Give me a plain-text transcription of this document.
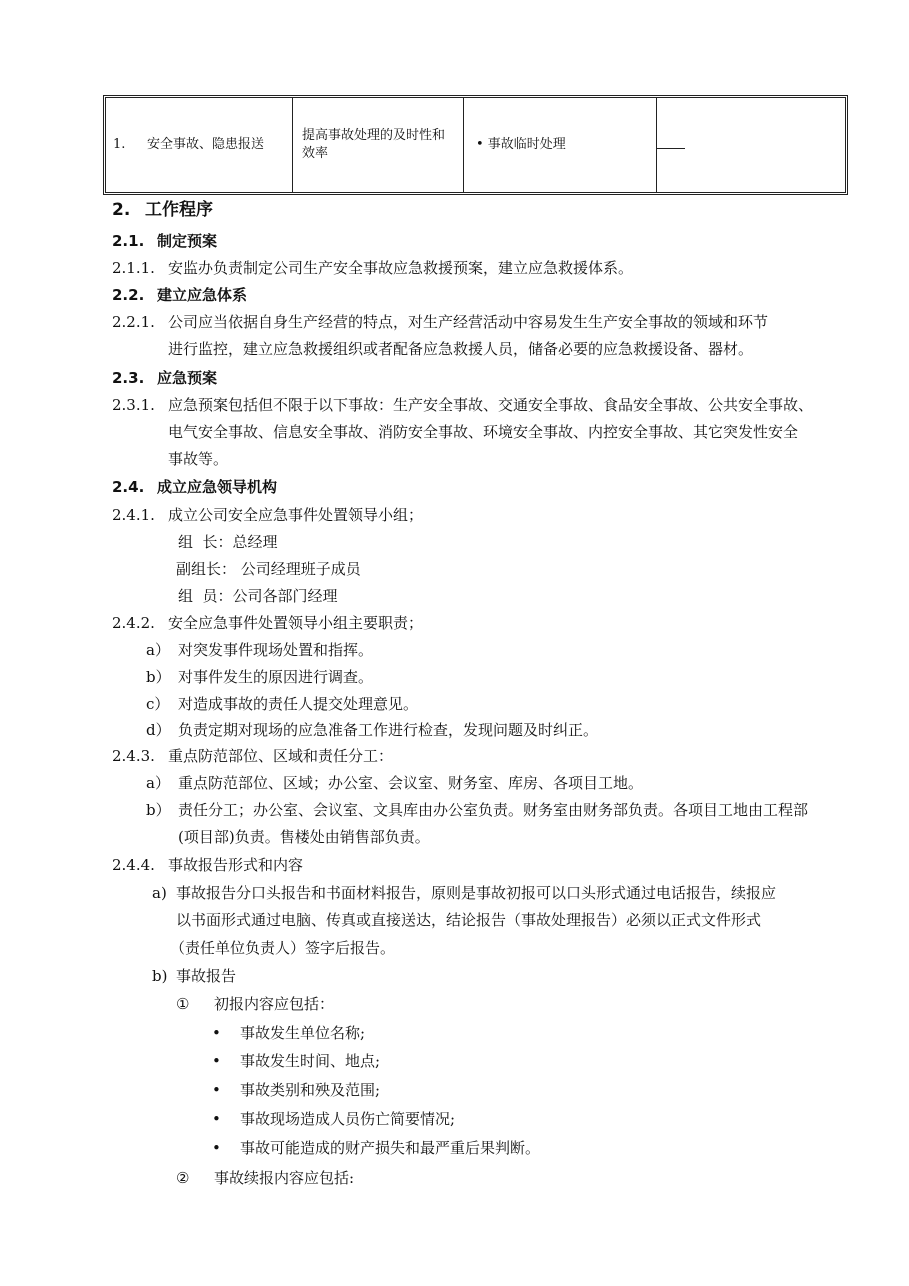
1.	安全事故、隐患报送
提高事故处理的及时性和效率
• 事故临时处理
2. 工作程序
2.1. 制定预案
2.1.1. 安监办负责制定公司生产安全事故应急救援预案，建立应急救援体系。
2.2. 建立应急体系
2.2.1. 公司应当依据自身生产经营的特点，对生产经营活动中容易发生生产安全事故的领域和环节
进行监控，建立应急救援组织或者配备应急救援人员，储备必要的应急救援设备、器材。
2.3. 应急预案
2.3.1. 应急预案包括但不限于以下事故：生产安全事故、交通安全事故、食品安全事故、公共安全事故、
电气安全事故、信息安全事故、消防安全事故、环境安全事故、内控安全事故、其它突发性安全
事故等。
2.4. 成立应急领导机构
2.4.1. 成立公司安全应急事件处置领导小组；
组  长：总经理
副组长： 公司经理班子成员
组  员：公司各部门经理
2.4.2. 安全应急事件处置领导小组主要职责；
a） 对突发事件现场处置和指挥。
b） 对事件发生的原因进行调查。
c） 对造成事故的责任人提交处理意见。
d） 负责定期对现场的应急准备工作进行检查，发现问题及时纠正。
2.4.3. 重点防范部位、区域和责任分工：
a） 重点防范部位、区域；办公室、会议室、财务室、库房、各项目工地。
b） 责任分工；办公室、会议室、文具库由办公室负责。财务室由财务部负责。各项目工地由工程部
(项目部)负责。售楼处由销售部负责。
2.4.4. 事故报告形式和内容
a) 事故报告分口头报告和书面材料报告，原则是事故初报可以口头形式通过电话报告，续报应
以书面形式通过电脑、传真或直接送达，结论报告（事故处理报告）必须以正式文件形式
（责任单位负责人）签字后报告。
b) 事故报告
① 初报内容应包括：
• 事故发生单位名称;
• 事故发生时间、地点;
• 事故类别和殃及范围;
• 事故现场造成人员伤亡简要情况;
• 事故可能造成的财产损失和最严重后果判断。
② 事故续报内容应包括:
